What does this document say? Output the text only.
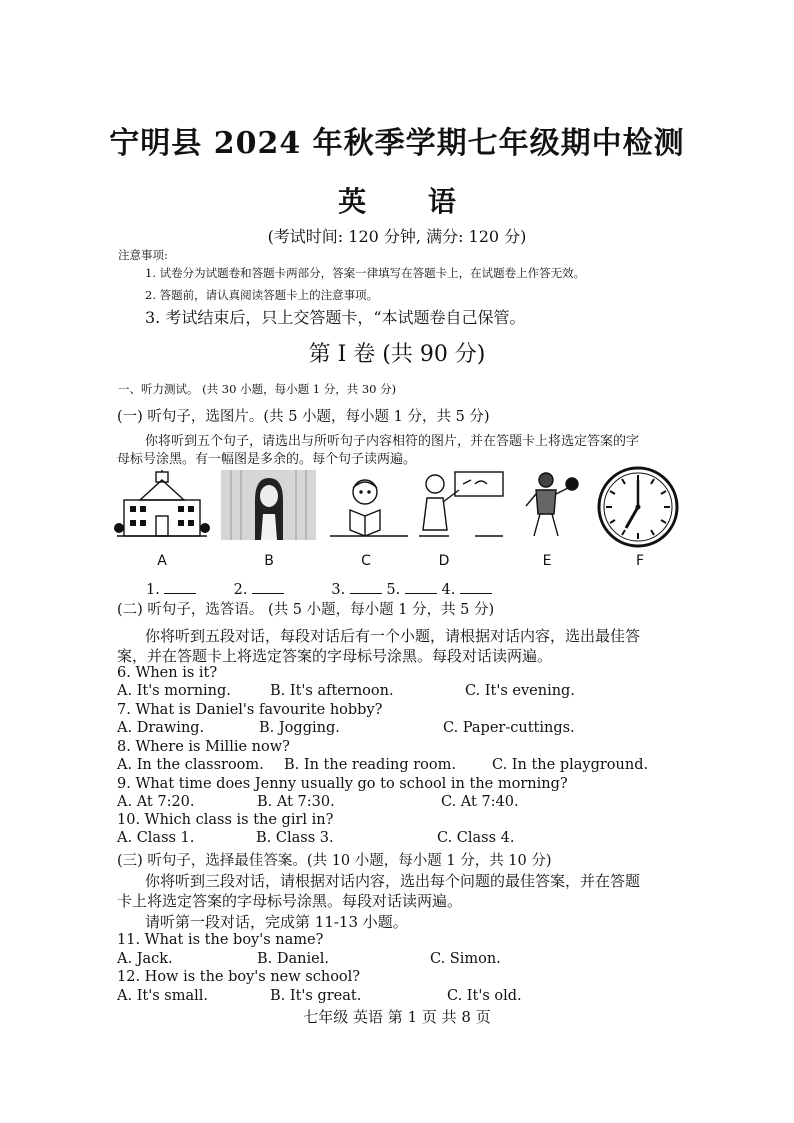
宁明县 2024 年秋季学期七年级期中检测
英 语
(考试时间: 120 分钟, 满分: 120 分)
注意事项:
1. 试卷分为试题卷和答题卡两部分，答案一律填写在答题卡上，在试题卷上作答无效。
2. 答题前，请认真阅读答题卡上的注意事项。
3. 考试结束后，只上交答题卡，“本试题卷自己保管。
第 I 卷 (共 90 分)
一、听力测试。 (共 30 小题，每小题 1 分，共 30 分)
(一) 听句子，选图片。(共 5 小题，每小题 1 分，共 5 分)
你将听到五个句子，请选出与所听句子内容相符的图片，并在答题卡上将选定答案的字
母标号涂黑。有一幅图是多余的。每个句子读两遍。
A	B	C	D	E	F
1.	2.	3.	5.	4.
(二) 听句子，选答语。 (共 5 小题，每小题 1 分，共 5 分)
你将听到五段对话，每段对话后有一个小题，请根据对话内容，选出最佳答
案，并在答题卡上将选定答案的字母标号涂黑。每段对话读两遍。
6. When is it?
A. It's morning.	B. It's afternoon.	C. It's evening.
7. What is Daniel's favourite hobby?
A. Drawing.	B. Jogging.	C. Paper-cuttings.
8. Where is Millie now?
A. In the classroom. B. In the reading room. C. In the playground.
9. What time does Jenny usually go to school in the morning?
A. At 7:20.	B. At 7:30.	C. At 7:40.
10. Which class is the girl in?
A. Class 1.	B. Class 3.	C. Class 4.
(三) 听句子，选择最佳答案。(共 10 小题，每小题 1 分，共 10 分)
你将听到三段对话，请根据对话内容，选出每个问题的最佳答案，并在答题
卡上将选定答案的字母标号涂黑。每段对话读两遍。
请听第一段对话，完成第 11-13 小题。
11. What is the boy's name?
A. Jack.	B. Daniel.	C. Simon.
12. How is the boy's new school?
A. It's small.	B. It's great.	C. It's old.
七年级 英语 第 1 页 共 8 页
